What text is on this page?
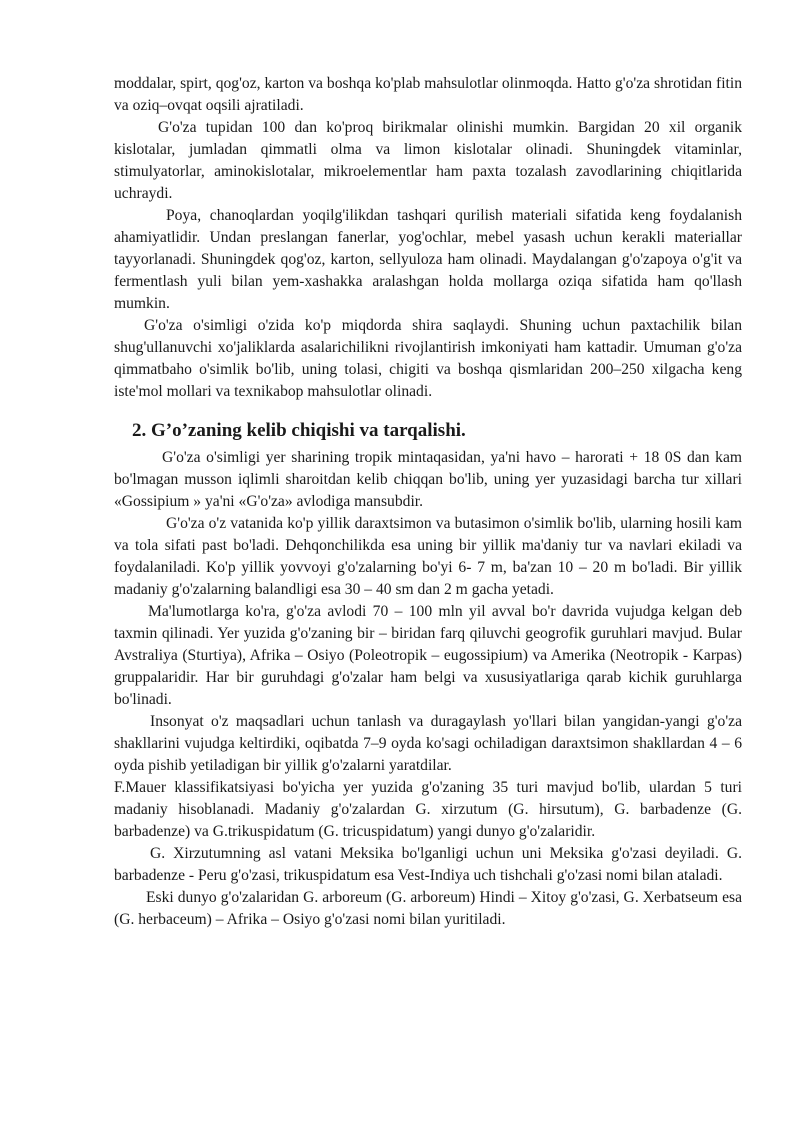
moddalar, spirt, qog'oz, karton va boshqa ko'plab mahsulotlar olinmoqda. Hatto g'o'za shrotidan fitin va oziq–ovqat oqsili ajratiladi.

G'o'za tupidan 100 dan ko'proq birikmalar olinishi mumkin. Bargidan 20 xil organik kislotalar, jumladan qimmatli olma va limon kislotalar olinadi. Shuningdek vitaminlar, stimulyatorlar, aminokislotalar, mikroelementlar ham paxta tozalash zavodlarining chiqitlarida uchraydi.

Poya, chanoqlardan yoqilg'ilikdan tashqari qurilish materiali sifatida keng foydalanish ahamiyatlidir. Undan preslangan fanerlar, yog'ochlar, mebel yasash uchun kerakli materiallar tayyorlanadi. Shuningdek qog'oz, karton, sellyuloza ham olinadi. Maydalangan g'o'zapoya o'g'it va fermentlash yuli bilan yem-xashakka aralashgan holda mollarga oziqa sifatida ham qo'llash mumkin.

G'o'za o'simligi o'zida ko'p miqdorda shira saqlaydi. Shuning uchun paxtachilik bilan shug'ullanuvchi xo'jaliklarda asalarichilikni rivojlantirish imkoniyati ham kattadir. Umuman g'o'za qimmatbaho o'simlik bo'lib, uning tolasi, chigiti va boshqa qismlaridan 200–250 xilgacha keng iste'mol mollari va texnikabop mahsulotlar olinadi.

2. G’o’zaning kelib chiqishi va tarqalishi.

G'o'za o'simligi yer sharining tropik mintaqasidan, ya'ni havo – harorati + 18 0S dan kam bo'lmagan musson iqlimli sharoitdan kelib chiqqan bo'lib, uning yer yuzasidagi barcha tur xillari «Gossipium » ya'ni «G'o'za» avlodiga mansubdir.

G'o'za o'z vatanida ko'p yillik daraxtsimon va butasimon o'simlik bo'lib, ularning hosili kam va tola sifati past bo'ladi. Dehqonchilikda esa uning bir yillik ma'daniy tur va navlari ekiladi va foydalaniladi. Ko'p yillik yovvoyi g'o'zalarning bo'yi 6- 7 m, ba'zan 10 – 20 m bo'ladi. Bir yillik madaniy g'o'zalarning balandligi esa 30 – 40 sm dan 2 m gacha yetadi.

Ma'lumotlarga ko'ra, g'o'za avlodi 70 – 100 mln yil avval bo'r davrida vujudga kelgan deb taxmin qilinadi. Yer yuzida g'o'zaning bir – biridan farq qiluvchi geogrofik guruhlari mavjud. Bular Avstraliya (Sturtiya), Afrika – Osiyo (Poleotropik – eugossipium) va Amerika (Neotropik - Karpas) gruppalaridir. Har bir guruhdagi g'o'zalar ham belgi va xususiyatlariga qarab kichik guruhlarga bo'linadi.

Insonyat o'z maqsadlari uchun tanlash va duragaylash yo'llari bilan yangidan-yangi g'o'za shakllarini vujudga keltirdiki, oqibatda 7–9 oyda ko'sagi ochiladigan daraxtsimon shakllardan 4 – 6 oyda pishib yetiladigan bir yillik g'o'zalarni yaratdilar.

F.Mauer klassifikatsiyasi bo'yicha yer yuzida g'o'zaning 35 turi mavjud bo'lib, ulardan 5 turi madaniy hisoblanadi. Madaniy g'o'zalardan G. xirzutum (G. hirsutum), G. barbadenze (G. barbadenze) va G.trikuspidatum (G. tricuspidatum) yangi dunyo g'o'zalaridir.

G. Xirzutumning asl vatani Meksika bo'lganligi uchun uni Meksika g'o'zasi deyiladi. G. barbadenze - Peru g'o'zasi, trikuspidatum esa Vest-Indiya uch tishchali g'o'zasi nomi bilan ataladi.

Eski dunyo g'o'zalaridan G. arboreum (G. arboreum) Hindi – Xitoy g'o'zasi, G. Xerbatseum esa (G. herbaceum) – Afrika – Osiyo g'o'zasi nomi bilan yuritiladi.
